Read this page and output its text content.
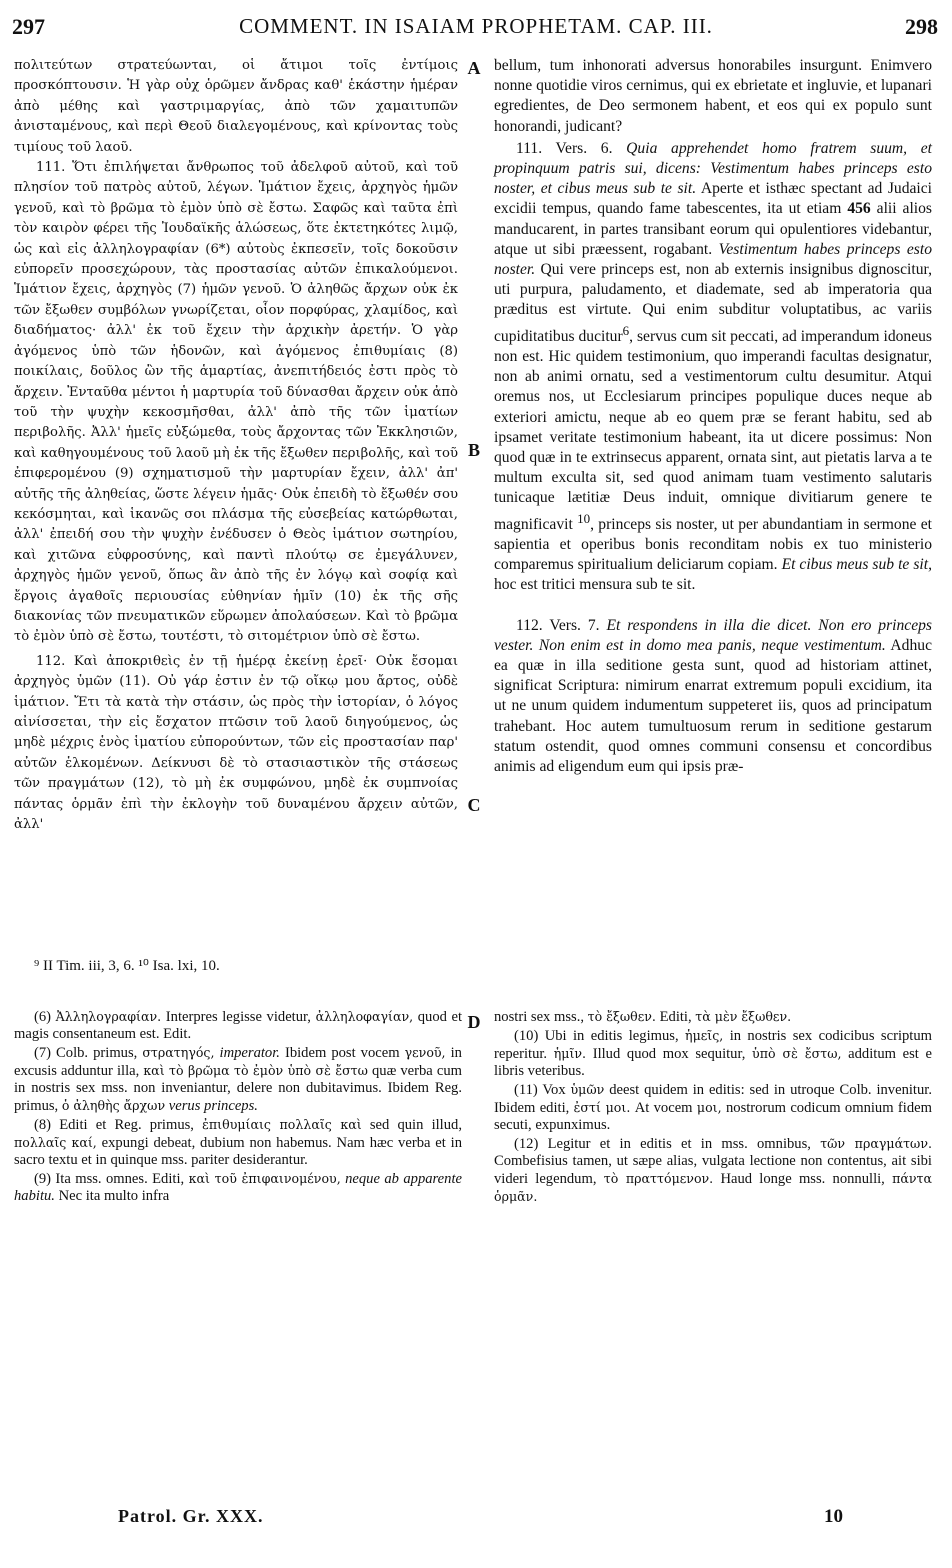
297	COMMENT. IN ISAIAM PROPHETAM. CAP. III.	298

πολιτεύτων στρατεύωνται, οἱ ἄτιμοι τοῖς ἐντίμοις προσκόπτουσιν. Ἡ γὰρ οὐχ ὁρῶμεν ἄνδρας καθ' ἑκάστην ἡμέραν ἀπὸ μέθης καὶ γαστριμαργίας, ἀπὸ τῶν χαμαιτυπῶν ἀνισταμένους, καὶ περὶ Θεοῦ διαλεγομένους, καὶ κρίνοντας τοὺς τιμίους τοῦ λαοῦ.

111. Ὅτι ἐπιλήψεται ἄνθρωπος τοῦ ἀδελφοῦ αὐτοῦ, καὶ τοῦ πλησίον τοῦ πατρὸς αὐτοῦ, λέγων. Ἱμάτιον ἔχεις, ἀρχηγὸς ἡμῶν γενοῦ, καὶ τὸ βρῶμα τὸ ἐμὸν ὑπὸ σὲ ἔστω. Σαφῶς καὶ ταῦτα ἐπὶ τὸν καιρὸν φέρει τῆς Ἰουδαϊκῆς ἁλώσεως, ὅτε ἐκτετηκότες λιμῷ, ὡς καὶ εἰς ἀλληλογραφίαν (6*) αὐτοὺς ἐκπεσεῖν, τοῖς δοκοῦσιν εὐπορεῖν προσεχώρουν, τὰς προστασίας αὐτῶν ἐπικαλούμενοι. Ἱμάτιον ἔχεις, ἀρχηγὸς (7) ἡμῶν γενοῦ. Ὁ ἀληθῶς ἄρχων οὐκ ἐκ τῶν ἔξωθεν συμβόλων γνωρίζεται, οἷον πορφύρας, χλαμίδος, καὶ διαδήματος· ἀλλ' ἐκ τοῦ ἔχειν τὴν ἀρχικὴν ἀρετήν. Ὁ γὰρ ἀγόμενος ὑπὸ τῶν ἡδονῶν, καὶ ἀγόμενος ἐπιθυμίαις (8) ποικίλαις, δοῦλος ὢν τῆς ἁμαρτίας, ἀνεπιτήδειός ἐστι πρὸς τὸ ἄρχειν. Ἐνταῦθα μέντοι ἡ μαρτυρία τοῦ δύνασθαι ἄρχειν οὐκ ἀπὸ τοῦ τὴν ψυχὴν κεκοσμῆσθαι, ἀλλ' ἀπὸ τῆς τῶν ἱματίων περιβολῆς. Ἀλλ' ἡμεῖς εὐξώμεθα, τοὺς ἄρχοντας τῶν Ἐκκλησιῶν, καὶ καθηγουμένους τοῦ λαοῦ μὴ ἐκ τῆς ἔξωθεν περιβολῆς, καὶ τοῦ ἐπιφερομένου (9) σχηματισμοῦ τὴν μαρτυρίαν ἔχειν, ἀλλ' ἀπ' αὐτῆς τῆς ἀληθείας, ὥστε λέγειν ἡμᾶς· Οὐκ ἐπειδὴ τὸ ἔξωθέν σου κεκόσμηται, καὶ ἱκανῶς σοι πλάσμα τῆς εὐσεβείας κατώρθωται, ἀλλ' ἐπειδή σου τὴν ψυχὴν ἐνέδυσεν ὁ Θεὸς ἱμάτιον σωτηρίου, καὶ χιτῶνα εὐφροσύνης, καὶ παντὶ πλούτῳ σε ἐμεγάλυνεν, ἀρχηγὸς ἡμῶν γενοῦ, ὅπως ἂν ἀπὸ τῆς ἐν λόγῳ καὶ σοφίᾳ καὶ ἔργοις ἀγαθοῖς περιουσίας εὐθηνίαν ἡμῖν (10) ἐκ τῆς σῆς διακονίας τῶν πνευματικῶν εὕρωμεν ἀπολαύσεων. Καὶ τὸ βρῶμα τὸ ἐμὸν ὑπὸ σὲ ἔστω, τουτέστι, τὸ σιτομέτριον ὑπὸ σὲ ἔστω.

112. Καὶ ἀποκριθεὶς ἐν τῇ ἡμέρᾳ ἐκείνῃ ἐρεῖ· Οὐκ ἔσομαι ἀρχηγὸς ὑμῶν (11). Οὐ γάρ ἐστιν ἐν τῷ οἴκῳ μου ἄρτος, οὐδὲ ἱμάτιον. Ἔτι τὰ κατὰ τὴν στάσιν, ὡς πρὸς τὴν ἱστορίαν, ὁ λόγος αἰνίσσεται, τὴν εἰς ἔσχατον πτῶσιν τοῦ λαοῦ διηγούμενος, ὡς μηδὲ μέχρις ἑνὸς ἱματίου εὐπορούντων, τῶν εἰς προστασίαν παρ' αὐτῶν ἑλκομένων. Δείκνυσι δὲ τὸ στασιαστικὸν τῆς στάσεως τῶν πραγμάτων (12), τὸ μὴ ἐκ συμφώνου, μηδὲ ἐκ συμπνοίας πάντας ὁρμᾶν ἐπὶ τὴν ἐκλογὴν τοῦ δυναμένου ἄρχειν αὐτῶν, ἀλλ'

A
B
C
D

bellum, tum inhonorati adversus honorabiles insurgunt. Enimvero nonne quotidie viros cernimus, qui ex ebrietate et ingluvie, et lupanari egredientes, de Deo sermonem habent, et eos qui ex populo sunt honorandi, judicant?

111. Vers. 6. Quia apprehendet homo fratrem suum, et propinquum patris sui, dicens: Vestimentum habes princeps esto noster, et cibus meus sub te sit. Aperte et isthæc spectant ad Judaici excidii tempus, quando fame tabescentes, ita ut etiam 456 alii alios manducarent, in partes transibant eorum qui opulentiores videbantur, atque ut sibi præessent, rogabant. Vestimentum habes princeps esto noster. Qui vere princeps est, non ab externis insignibus dignoscitur, uti purpura, paludamento, et diademate, sed ab imperatoria qua præditus est virtute. Qui enim subditur voluptatibus, ac variis cupiditatibus ducitur$^6$, servus cum sit peccati, ad imperandum idoneus non est. Hic quidem testimonium, quo imperandi facultas designatur, non ab animi ornatu, sed a vestimentorum cultu desumitur. Atqui oremus nos, ut Ecclesiarum principes populique duces neque ab exteriori amictu, neque ab eo quem præ se ferant habitu, sed ab ipsamet veritate testimonium habeant, ita ut dicere possimus: Non quod quæ in te extrinsecus apparent, ornata sint, aut pietatis larva a te multum exculta sit, sed quod animam tuam vestimento salutaris tunicaque lætitiæ Deus induit, omnique divitiarum genere te magnificavit $^{10}$, princeps sis noster, ut per abundantiam in sermone et sapientia et operibus bonis reconditam nobis ex tuo ministerio comparemus spiritualium deliciarum copiam. Et cibus meus sub te sit, hoc est tritici mensura sub te sit.

112. Vers. 7. Et respondens in illa die dicet. Non ero princeps vester. Non enim est in domo mea panis, neque vestimentum. Adhuc ea quæ in illa seditione gesta sunt, quod ad historiam attinet, significat Scriptura: nimirum enarrat extremum populi excidium, ita ut ne unum quidem indumentum suppeteret iis, quos ad principatum trahebant. Hoc autem tumultuosum rerum in seditione gestarum statum ostendit, quod omnes communi consensu et concordibus animis ad eligendum eum qui ipsis præ-

⁹ II Tim. iii, 3, 6. ¹⁰ Isa. lxi, 10.

(6) Ἀλληλογραφίαν. Interpres legisse videtur, ἀλληλοφαγίαν, quod et magis consentaneum est. Edit.

(7) Colb. primus, στρατηγός, imperator. Ibidem post vocem γενοῦ, in excusis adduntur illa, καὶ τὸ βρῶμα τὸ ἐμὸν ὑπὸ σὲ ἔστω quæ verba cum in nostris sex mss. non inveniantur, delere non dubitavimus. Ibidem Reg. primus, ὁ ἀληθὴς ἄρχων verus princeps.

(8) Editi et Reg. primus, ἐπιθυμίαις πολλαῖς καὶ sed quin illud, πολλαῖς καί, expungi debeat, dubium non habemus. Nam hæc verba et in sacro textu et in quinque mss. pariter desiderantur.

(9) Ita mss. omnes. Editi, καὶ τοῦ ἐπιφαινομένου, neque ab apparente habitu. Nec ita multo infra

nostri sex mss., τὸ ἔξωθεν. Editi, τὰ μὲν ἔξωθεν.

(10) Ubi in editis legimus, ἡμεῖς, in nostris sex codicibus scriptum reperitur. ἡμῖν. Illud quod mox sequitur, ὑπὸ σὲ ἔστω, additum est e libris veteribus.

(11) Vox ὑμῶν deest quidem in editis: sed in utroque Colb. invenitur. Ibidem editi, ἐστί μοι. At vocem μοι, nostrorum codicum omnium fidem secuti, expunximus.

(12) Legitur et in editis et in mss. omnibus, τῶν πραγμάτων. Combefisius tamen, ut sæpe alias, vulgata lectione non contentus, ait sibi videri legendum, τὸ πραττόμενον. Haud longe mss. nonnulli, πάντα ὁρμᾶν.

Patrol. Gr. XXX.	10
